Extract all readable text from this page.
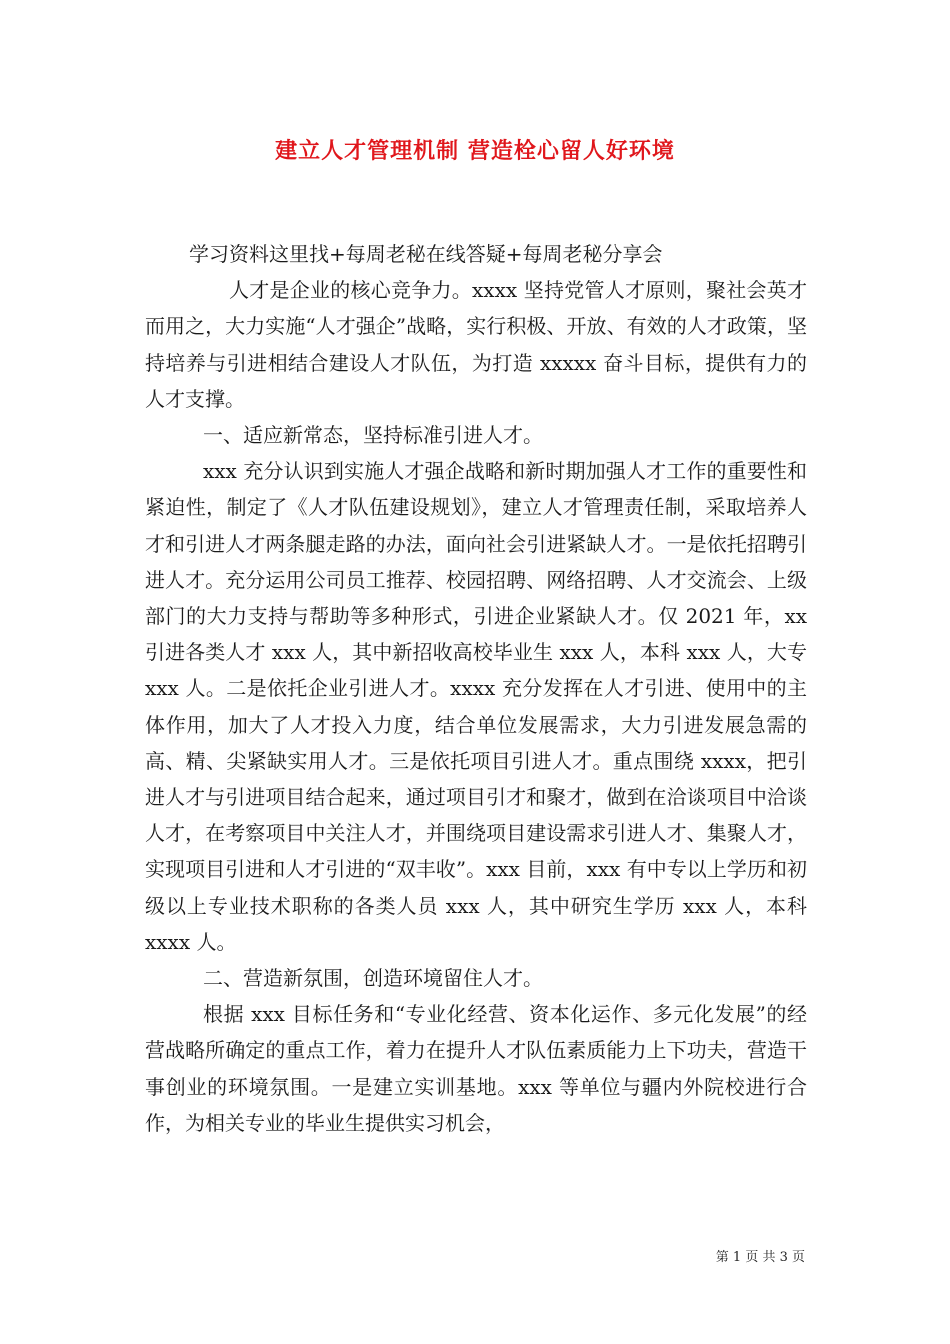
建立人才管理机制 营造栓心留人好环境

学习资料这里找+每周老秘在线答疑+每周老秘分享会

人才是企业的核心竞争力。xxxx 坚持党管人才原则，聚社会英才而用之，大力实施“人才强企”战略，实行积极、开放、有效的人才政策，坚持培养与引进相结合建设人才队伍，为打造 xxxxx 奋斗目标，提供有力的人才支撑。

一、适应新常态，坚持标准引进人才。

xxx 充分认识到实施人才强企战略和新时期加强人才工作的重要性和紧迫性，制定了《人才队伍建设规划》，建立人才管理责任制，采取培养人才和引进人才两条腿走路的办法，面向社会引进紧缺人才。一是依托招聘引进人才。充分运用公司员工推荐、校园招聘、网络招聘、人才交流会、上级部门的大力支持与帮助等多种形式，引进企业紧缺人才。仅 2021 年，xx 引进各类人才 xxx 人，其中新招收高校毕业生 xxx 人，本科 xxx 人，大专 xxx 人。二是依托企业引进人才。xxxx 充分发挥在人才引进、使用中的主体作用，加大了人才投入力度，结合单位发展需求，大力引进发展急需的高、精、尖紧缺实用人才。三是依托项目引进人才。重点围绕 xxxx，把引进人才与引进项目结合起来，通过项目引才和聚才，做到在洽谈项目中洽谈人才，在考察项目中关注人才，并围绕项目建设需求引进人才、集聚人才，实现项目引进和人才引进的“双丰收”。xxx 目前，xxx 有中专以上学历和初级以上专业技术职称的各类人员 xxx 人，其中研究生学历 xxx 人，本科 xxxx 人。

二、营造新氛围，创造环境留住人才。

根据 xxx 目标任务和“专业化经营、资本化运作、多元化发展”的经营战略所确定的重点工作，着力在提升人才队伍素质能力上下功夫，营造干事创业的环境氛围。一是建立实训基地。xxx 等单位与疆内外院校进行合作，为相关专业的毕业生提供实习机会，

第 1 页 共 3 页
